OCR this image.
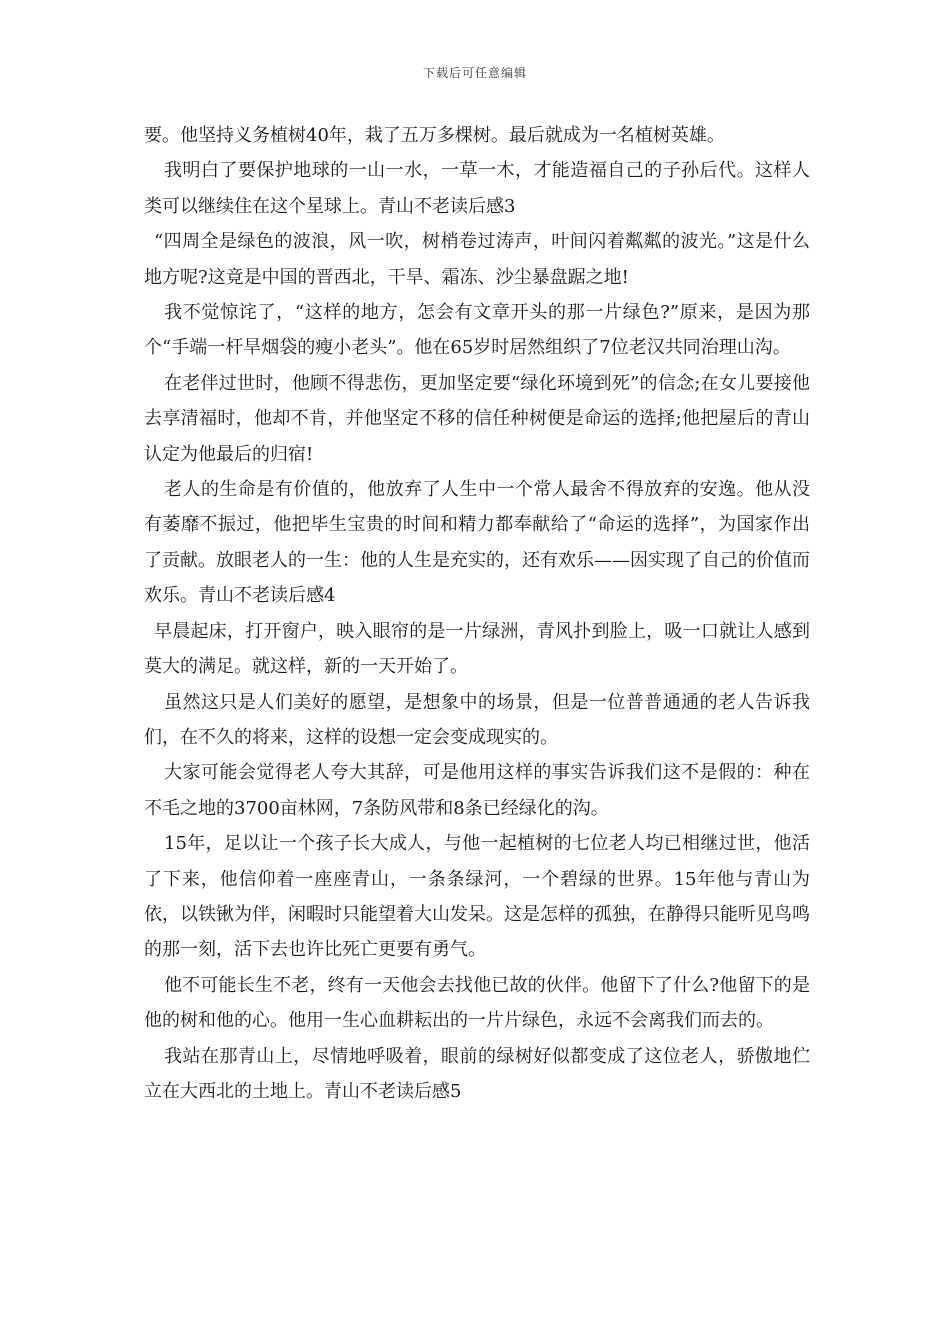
下载后可任意编辑

要。他坚持义务植树40年，栽了五万多棵树。最后就成为一名植树英雄。

我明白了要保护地球的一山一水，一草一木，才能造福自己的子孙后代。这样人类可以继续住在这个星球上。青山不老读后感3

“四周全是绿色的波浪，风一吹，树梢卷过涛声，叶间闪着粼粼的波光。”这是什么地方呢?这竟是中国的晋西北，干旱、霜冻、沙尘暴盘踞之地!

我不觉惊诧了，“这样的地方，怎会有文章开头的那一片绿色?”原来，是因为那个“手端一杆旱烟袋的瘦小老头”。他在65岁时居然组织了7位老汉共同治理山沟。

在老伴过世时，他顾不得悲伤，更加坚定要“绿化环境到死”的信念;在女儿要接他去享清福时，他却不肯，并他坚定不移的信任种树便是命运的选择;他把屋后的青山认定为他最后的归宿!

老人的生命是有价值的，他放弃了人生中一个常人最舍不得放弃的安逸。他从没有萎靡不振过，他把毕生宝贵的时间和精力都奉献给了“命运的选择”，为国家作出了贡献。放眼老人的一生：他的人生是充实的，还有欢乐——因实现了自己的价值而欢乐。青山不老读后感4

早晨起床，打开窗户，映入眼帘的是一片绿洲，青风扑到脸上，吸一口就让人感到莫大的满足。就这样，新的一天开始了。

虽然这只是人们美好的愿望，是想象中的场景，但是一位普普通通的老人告诉我们，在不久的将来，这样的设想一定会变成现实的。

大家可能会觉得老人夸大其辞，可是他用这样的事实告诉我们这不是假的：种在不毛之地的3700亩林网，7条防风带和8条已经绿化的沟。

15年，足以让一个孩子长大成人，与他一起植树的七位老人均已相继过世，他活了下来，他信仰着一座座青山，一条条绿河，一个碧绿的世界。15年他与青山为依，以铁锹为伴，闲暇时只能望着大山发呆。这是怎样的孤独，在静得只能听见鸟鸣的那一刻，活下去也许比死亡更要有勇气。

他不可能长生不老，终有一天他会去找他已故的伙伴。他留下了什么?他留下的是他的树和他的心。他用一生心血耕耘出的一片片绿色，永远不会离我们而去的。

我站在那青山上，尽情地呼吸着，眼前的绿树好似都变成了这位老人，骄傲地伫立在大西北的土地上。青山不老读后感5
